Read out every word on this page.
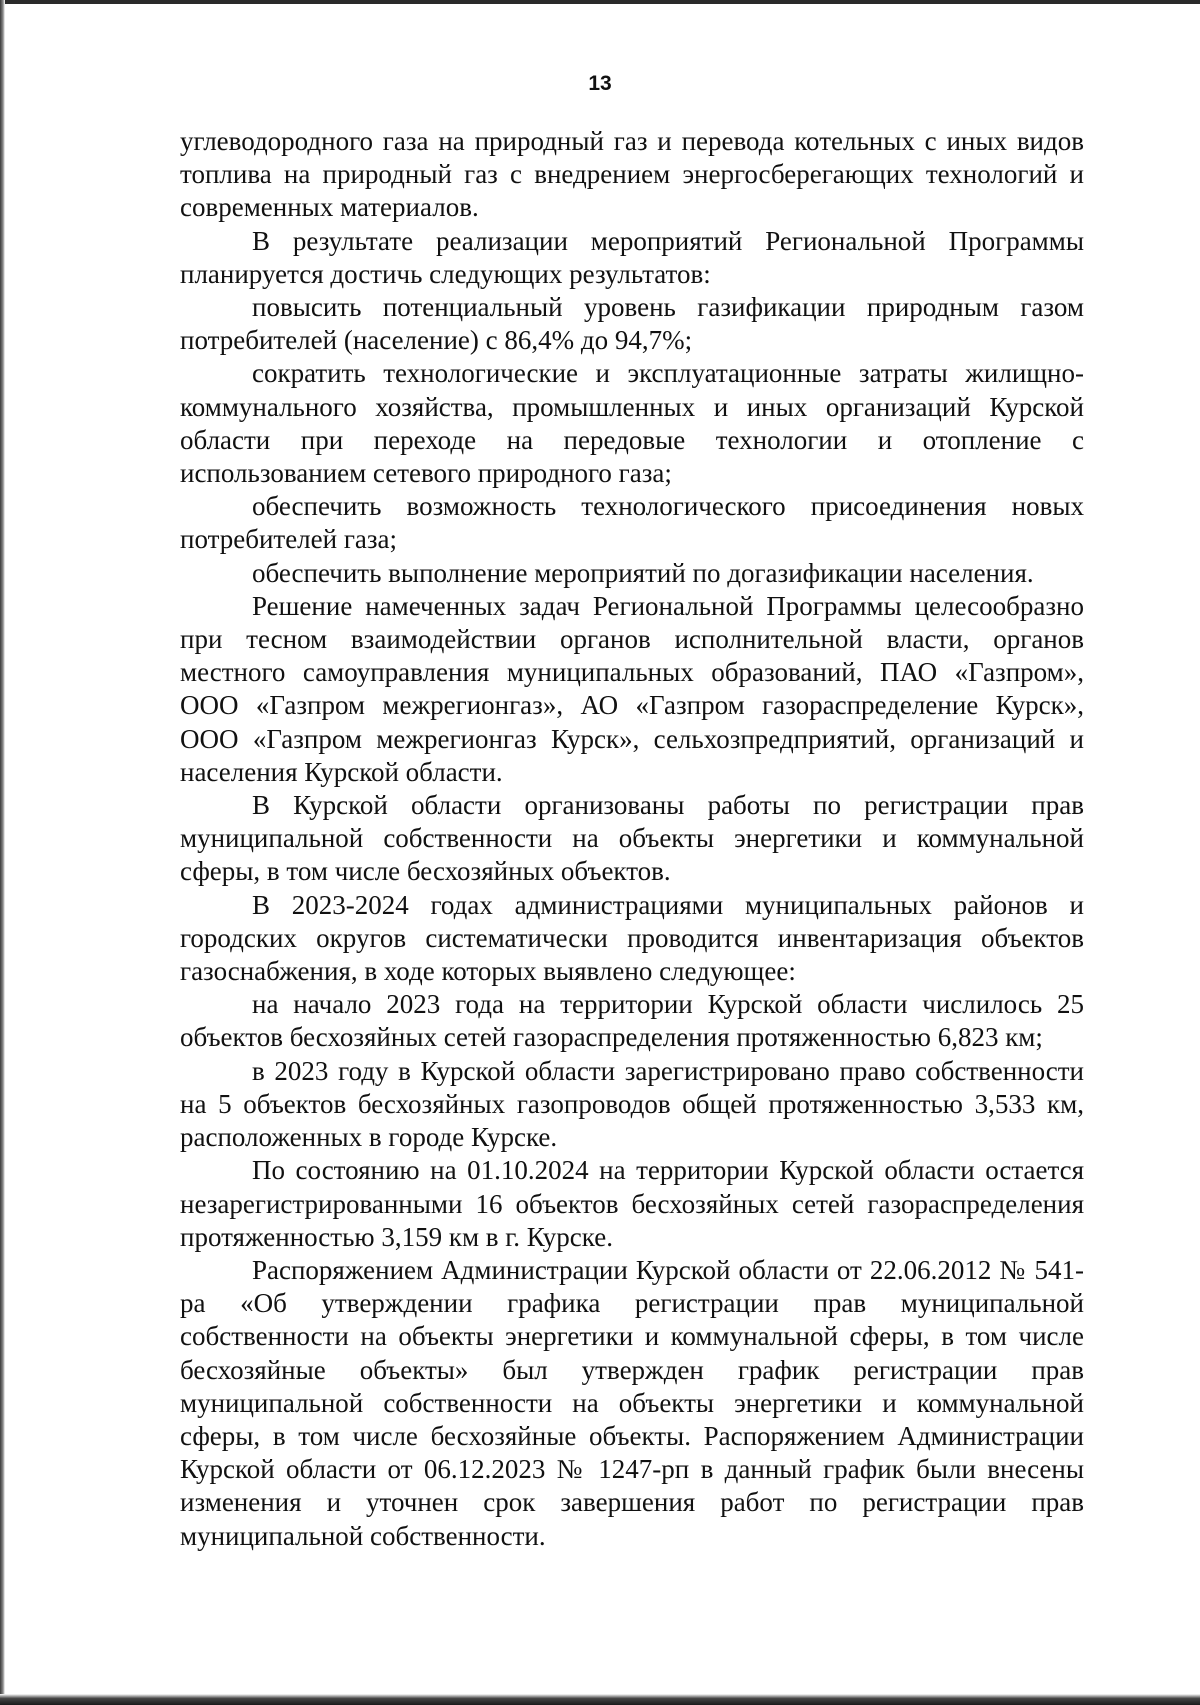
13

углеводородного газа на природный газ и перевода котельных с иных видов топлива на природный газ с внедрением энергосберегающих технологий и современных материалов.

В результате реализации мероприятий Региональной Программы планируется достичь следующих результатов:

повысить потенциальный уровень газификации природным газом потребителей (население) с 86,4% до 94,7%;

сократить технологические и эксплуатационные затраты жилищно-коммунального хозяйства, промышленных и иных организаций Курской области при переходе на передовые технологии и отопление с использованием сетевого природного газа;

обеспечить возможность технологического присоединения новых потребителей газа;

обеспечить выполнение мероприятий по догазификации населения.

Решение намеченных задач Региональной Программы целесообразно при тесном взаимодействии органов исполнительной власти, органов местного самоуправления муниципальных образований, ПАО «Газпром», ООО «Газпром межрегионгаз», АО «Газпром газораспределение Курск», ООО «Газпром межрегионгаз Курск», сельхозпредприятий, организаций и населения Курской области.

В Курской области организованы работы по регистрации прав муниципальной собственности на объекты энергетики и коммунальной сферы, в том числе бесхозяйных объектов.

В 2023-2024 годах администрациями муниципальных районов и городских округов систематически проводится инвентаризация объектов газоснабжения, в ходе которых выявлено следующее:

на начало 2023 года на территории Курской области числилось 25 объектов бесхозяйных сетей газораспределения протяженностью 6,823 км;

в 2023 году в Курской области зарегистрировано право собственности на 5 объектов бесхозяйных газопроводов общей протяженностью 3,533 км, расположенных в городе Курске.

По состоянию на 01.10.2024 на территории Курской области остается незарегистрированными 16 объектов бесхозяйных сетей газораспределения протяженностью 3,159 км в г. Курске.

Распоряжением Администрации Курской области от 22.06.2012 № 541-ра «Об утверждении графика регистрации прав муниципальной собственности на объекты энергетики и коммунальной сферы, в том числе бесхозяйные объекты» был утвержден график регистрации прав муниципальной собственности на объекты энергетики и коммунальной сферы, в том числе бесхозяйные объекты. Распоряжением Администрации Курской области от 06.12.2023 № 1247-рп в данный график были внесены изменения и уточнен срок завершения работ по регистрации прав муниципальной собственности.
